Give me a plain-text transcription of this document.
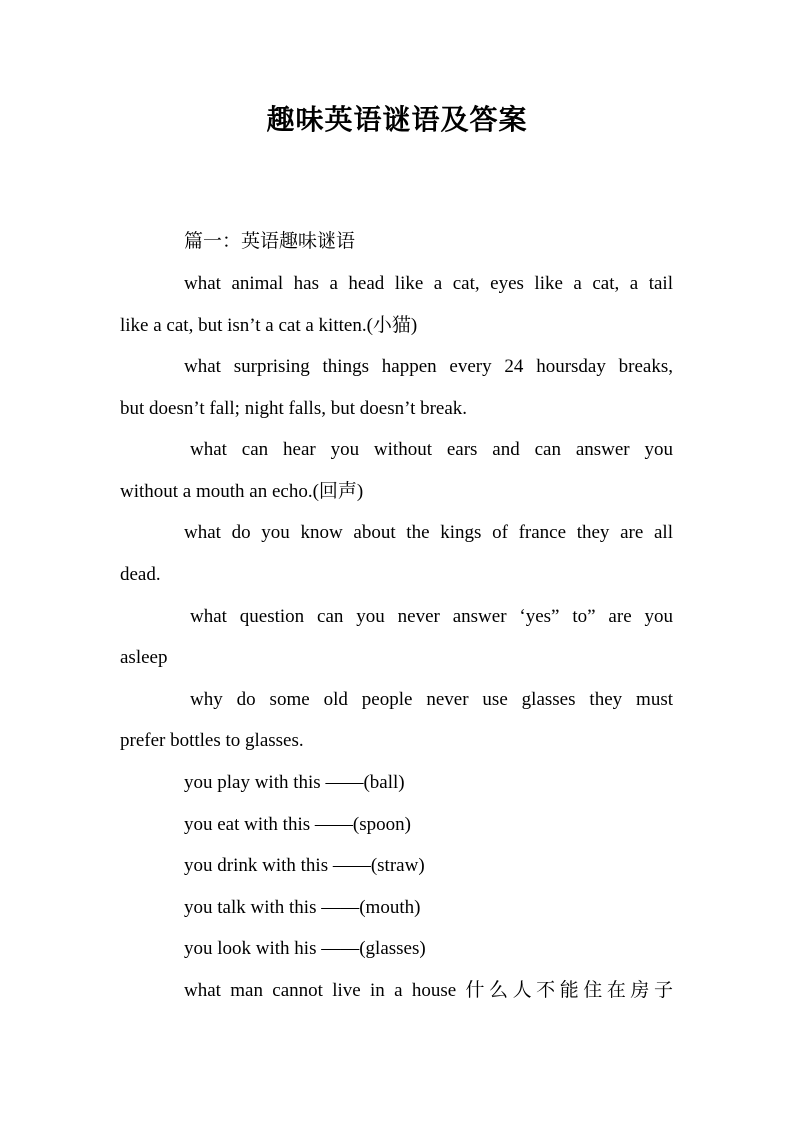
趣味英语谜语及答案
篇一：英语趣味谜语
what animal has a head like a cat, eyes like a cat, a tail
like a cat, but isn’t a cat a kitten.(小猫)
what surprising things happen every 24 hoursday breaks,
but doesn’t fall; night falls, but doesn’t break.
what can hear you without ears and can answer you
without a mouth an echo.(回声)
what do you know about the kings of france they are all
dead.
what question can you never answer ‘yes” to” are you
asleep
why do some old people never use glasses they must
prefer bottles to glasses.
you play with this ——(ball)
you eat with this ——(spoon)
you drink with this ——(straw)
you talk with this ——(mouth)
you look with his ——(glasses)
what man cannot live in a house 什么人不能住在房子
